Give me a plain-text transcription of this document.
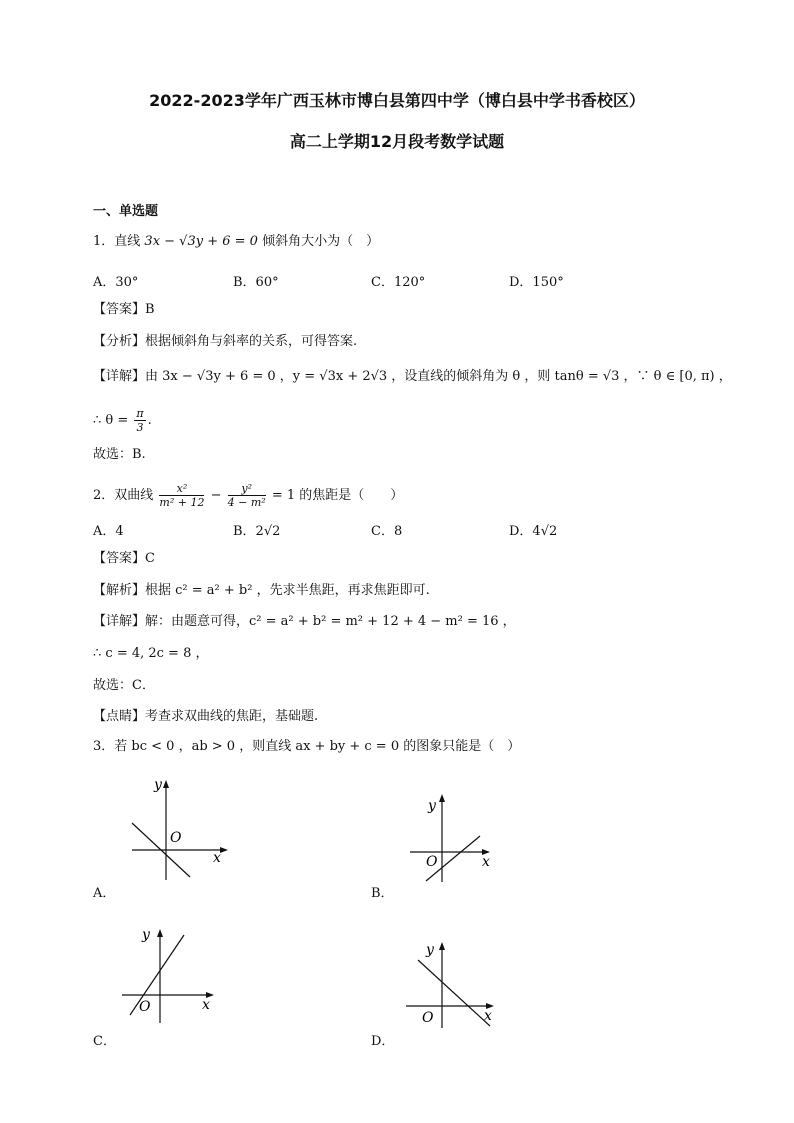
2022-2023学年广西玉林市博白县第四中学（博白县中学书香校区）
高二上学期12月段考数学试题
一、单选题
1．直线 3x − √3y + 6 = 0 倾斜角大小为（　）
A．30°	B．60°	C．120°	D．150°
【答案】B
【分析】根据倾斜角与斜率的关系，可得答案.
【详解】由 3x − √3y + 6 = 0 ，y = √3x + 2√3 ，设直线的倾斜角为 θ ，则 tanθ = √3 ，∵ θ ∈ [0, π) ，
∴ $\theta = \frac{\pi}{3}$ .
故选：B.
2．双曲线 $\frac{\text{x²}}{\text{m² + 12}} - \frac{\text{y²}}{\text{4 − m²}} = 1$ 的焦距是（　　）
A．4	B．2√2	C．8	D．4√2
【答案】C
【解析】根据 c² = a² + b² ，先求半焦距，再求焦距即可.
【详解】解：由题意可得，c² = a² + b² = m² + 12 + 4 − m² = 16 ，
∴ c = 4, 2c = 8 ，
故选：C．
【点睛】考查求双曲线的焦距，基础题.
3．若 bc < 0 ，ab > 0 ，则直线 ax + by + c = 0 的图象只能是（　）
y
O
x
A．
y
O	x
B．
y
O	x
C．
y
O	x
D．
